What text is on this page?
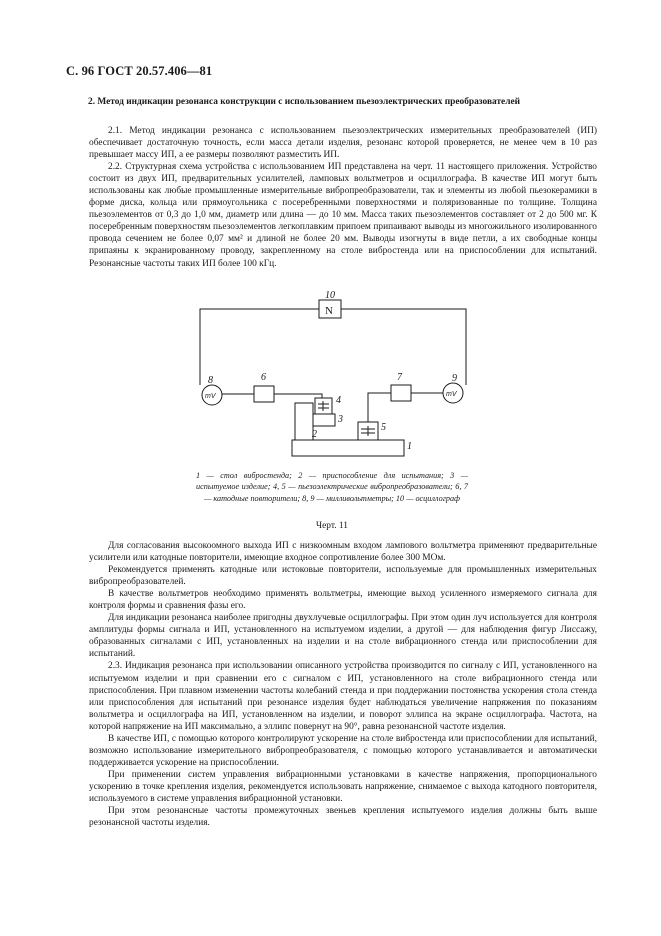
С. 96 ГОСТ 20.57.406—81
2. Метод индикации резонанса конструкции с использованием пьезоэлектрических преобразователей

2.1. Метод индикации резонанса с использованием пьезоэлектрических измерительных преобразователей (ИП) обеспечивает достаточную точность, если масса детали изделия, резонанс которой проверяется, не менее чем в 10 раз превышает массу ИП, а ее размеры позволяют разместить ИП.

2.2. Структурная схема устройства с использованием ИП представлена на черт. 11 настоящего приложения. Устройство состоит из двух ИП, предварительных усилителей, ламповых вольтметров и осциллографа. В качестве ИП могут быть использованы как любые промышленные измерительные вибропреобразователи, так и элементы из любой пьезокерамики в форме диска, кольца или прямоугольника с посеребренными поверхностями и поляризованные по толщине. Толщина пьезоэлементов от 0,3 до 1,0 мм, диаметр или длина — до 10 мм. Масса таких пьезоэлементов составляет от 2 до 500 мг. К посеребренным поверхностям пьезоэлементов легкоплавким припоем припаивают выводы из многожильного изолированного провода сечением не более 0,07 мм² и длиной не более 20 мм. Выводы изогнуты в виде петли, а их свободные концы припаяны к экранированному проводу, закрепленному на столе вибростенда или на приспособлении для испытаний. Резонансные частоты таких ИП более 100 кГц.

N
mV	mV
10
8	9
6	7
4
3
2
5
1
1 — стол вибростенда; 2 — приспособление для испытания; 3 — испытуемое изделие; 4, 5 — пьезоэлектрические вибропреобразователи; 6, 7 — катодные повторители; 8, 9 — милливольтметры; 10 — осциллограф
Черт. 11

Для согласования высокоомного выхода ИП с низкоомным входом лампового вольтметра применяют предварительные усилители или катодные повторители, имеющие входное сопротивление более 300 МОм.

Рекомендуется применять катодные или истоковые повторители, используемые для промышленных измерительных вибропреобразователей.

В качестве вольтметров необходимо применять вольтметры, имеющие выход усиленного измеряемого сигнала для контроля формы и сравнения фазы его.

Для индикации резонанса наиболее пригодны двухлучевые осциллографы. При этом один луч используется для контроля амплитуды формы сигнала и ИП, установленного на испытуемом изделии, а другой — для наблюдения фигур Лиссажу, образованных сигналами с ИП, установленных на изделии и на столе вибрационного стенда или приспособлении для испытаний.

2.3. Индикация резонанса при использовании описанного устройства производится по сигналу с ИП, установленного на испытуемом изделии и при сравнении его с сигналом с ИП, установленного на столе вибрационного стенда или приспособления. При плавном изменении частоты колебаний стенда и при поддержании постоянства ускорения стола стенда или приспособления для испытаний при резонансе изделия будет наблюдаться увеличение напряжения по показаниям вольтметра и осциллографа на ИП, установленном на изделии, и поворот эллипса на экране осциллографа. Частота, на которой напряжение на ИП максимально, а эллипс повернут на 90°, равна резонансной частоте изделия.

В качестве ИП, с помощью которого контролируют ускорение на столе вибростенда или приспособлении для испытаний, возможно использование измерительного вибропреобразователя, с помощью которого устанавливается и автоматически поддерживается ускорение на приспособлении.

При применении систем управления вибрационными установками в качестве напряжения, пропорционального ускорению в точке крепления изделия, рекомендуется использовать напряжение, снимаемое с выхода катодного повторителя, используемого в системе управления вибрационной установки.

При этом резонансные частоты промежуточных звеньев крепления испытуемого изделия должны быть выше резонансной частоты изделия.
